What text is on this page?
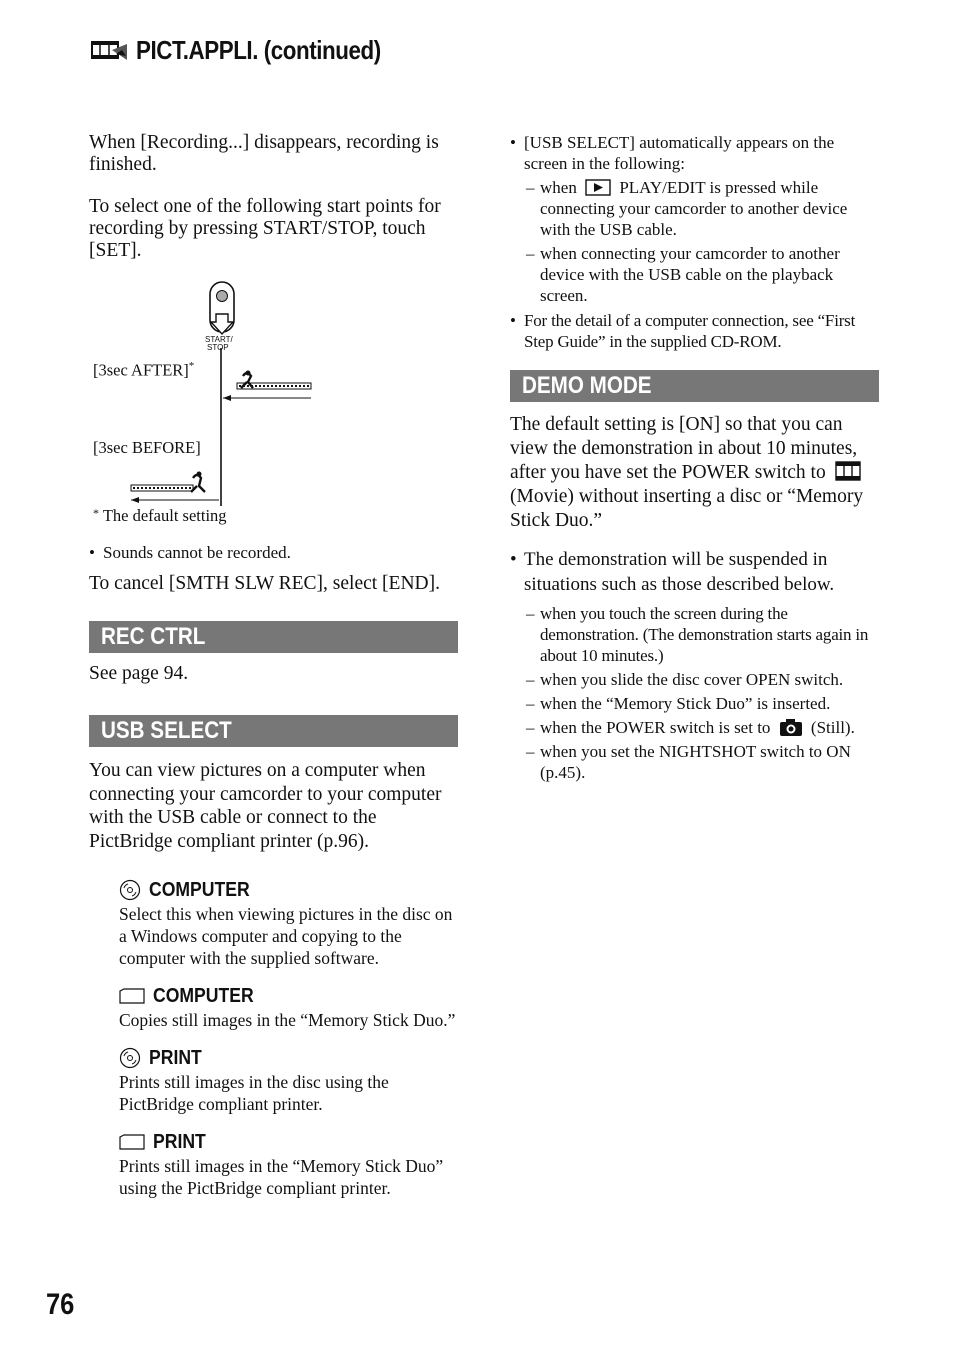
PICT.APPLI. (continued)

When [Recording...] disappears, recording is finished.

To select one of the following start points for recording by pressing START/STOP, touch [SET].

START/
STOP
[3sec AFTER]*
[3sec BEFORE]
* The default setting
• Sounds cannot be recorded.

To cancel [SMTH SLW REC], select [END].

REC CTRL

See page 94.

USB SELECT

You can view pictures on a computer when connecting your camcorder to your computer with the USB cable or connect to the PictBridge compliant printer (p.96).

COMPUTER
Select this when viewing pictures in the disc on a Windows computer and copying to the computer with the supplied software.
COMPUTER
Copies still images in the “Memory Stick Duo.”
PRINT
Prints still images in the disc using the PictBridge compliant printer.
PRINT
Prints still images in the “Memory Stick Duo” using the PictBridge compliant printer.
• [USB SELECT] automatically appears on the screen in the following:
– when	PLAY/EDIT is pressed while connecting your camcorder to another device with the USB cable.
– when connecting your camcorder to another device with the USB cable on the playback screen.
• For the detail of a computer connection, see “First Step Guide” in the supplied CD-ROM.
DEMO MODE

The default setting is [ON] so that you can view the demonstration in about 10 minutes, after you have set the POWER switch to  (Movie) without inserting a disc or “Memory Stick Duo.”

• The demonstration will be suspended in situations such as those described below.
– when you touch the screen during the demonstration. (The demonstration starts again in about 10 minutes.)
– when you slide the disc cover OPEN switch.
– when the “Memory Stick Duo” is inserted.
– when the POWER switch is set to (Still).
– when you set the NIGHTSHOT switch to ON (p.45).
76
